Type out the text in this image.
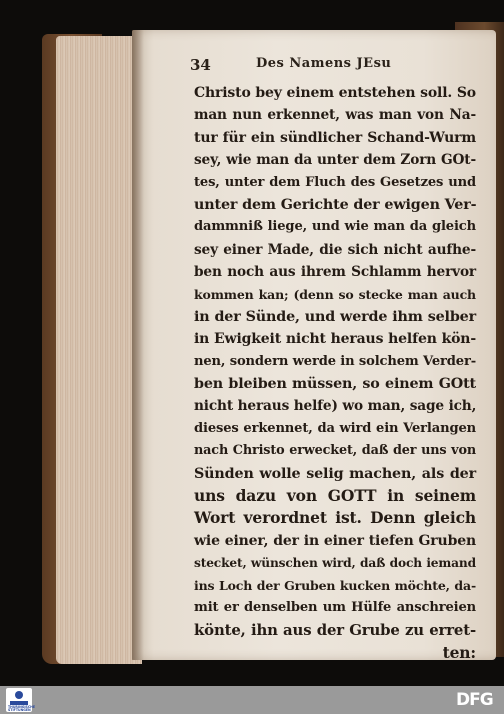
34	Des Namens JEsu
Christo bey einem entstehen soll. So
man nun erkennet, was man von Na-
tur für ein sündlicher Schand-Wurm
sey, wie man da unter dem Zorn GOt-
tes, unter dem Fluch des Gesetzes und
unter dem Gerichte der ewigen Ver-
dammniß liege, und wie man da gleich
sey einer Made, die sich nicht aufhe-
ben noch aus ihrem Schlamm hervor
kommen kan; (denn so stecke man auch
in der Sünde, und werde ihm selber
in Ewigkeit nicht heraus helfen kön-
nen, sondern werde in solchem Verder-
ben bleiben müssen, so einem GOtt
nicht heraus helfe) wo man, sage ich,
dieses erkennet, da wird ein Verlangen
nach Christo erwecket, daß der uns von
Sünden wolle selig machen, als der
uns dazu von GOTT in seinem
Wort verordnet ist. Denn gleich
wie einer, der in einer tiefen Gruben
stecket, wünschen wird, daß doch iemand
ins Loch der Gruben kucken möchte, da-
mit er denselben um Hülfe anschreien
könte, ihn aus der Grube zu erret-
ten:
THÜRINGISCHE STIFTUNGEN
DFG
